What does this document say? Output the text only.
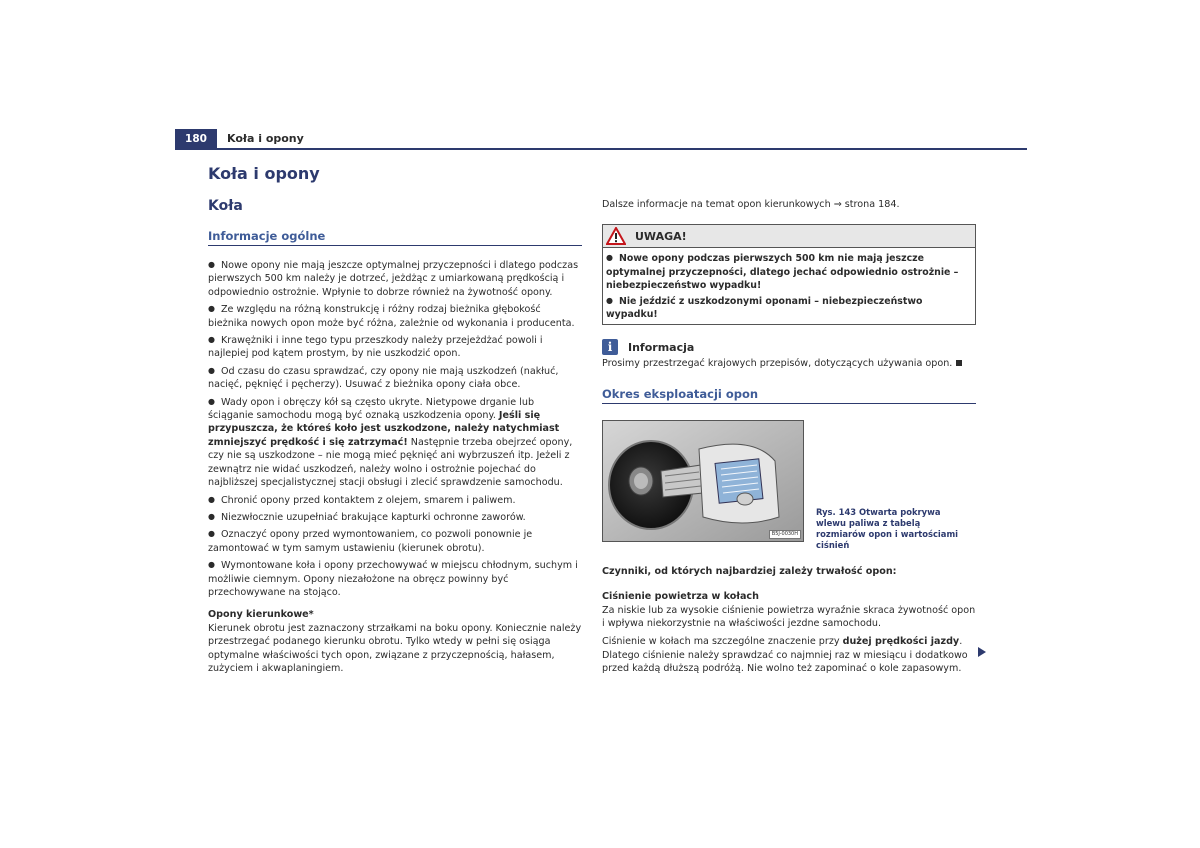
180	Koła i opony
Koła i opony
Koła
Informacje ogólne
● Nowe opony nie mają jeszcze optymalnej przyczepności i dlatego podczas pierwszych 500 km należy je dotrzeć, jeżdżąc z umiarkowaną prędkością i odpowiednio ostrożnie. Wpłynie to dobrze również na żywotność opony.
● Ze względu na różną konstrukcję i różny rodzaj bieżnika głębokość bieżnika nowych opon może być różna, zależnie od wykonania i producenta.
● Krawężniki i inne tego typu przeszkody należy przejeżdżać powoli i najlepiej pod kątem prostym, by nie uszkodzić opon.
● Od czasu do czasu sprawdzać, czy opony nie mają uszkodzeń (nakłuć, nacięć, pęknięć i pęcherzy). Usuwać z bieżnika opony ciała obce.
● Wady opon i obręczy kół są często ukryte. Nietypowe drganie lub ściąganie samochodu mogą być oznaką uszkodzenia opony. Jeśli się przypuszcza, że któreś koło jest uszkodzone, należy natychmiast zmniejszyć prędkość i się zatrzymać! Następnie trzeba obejrzeć opony, czy nie są uszkodzone – nie mogą mieć pęknięć ani wybrzuszeń itp. Jeżeli z zewnątrz nie widać uszkodzeń, należy wolno i ostrożnie pojechać do najbliższej specjalistycznej stacji obsługi i zlecić sprawdzenie samochodu.
● Chronić opony przed kontaktem z olejem, smarem i paliwem.
● Niezwłocznie uzupełniać brakujące kapturki ochronne zaworów.
● Oznaczyć opony przed wymontowaniem, co pozwoli ponownie je zamontować w tym samym ustawieniu (kierunek obrotu).
● Wymontowane koła i opony przechowywać w miejscu chłodnym, suchym i możliwie ciemnym. Opony niezałożone na obręcz powinny być przechowywane na stojąco.

Opony kierunkowe*

Kierunek obrotu jest zaznaczony strzałkami na boku opony. Koniecznie należy przestrzegać podanego kierunku obrotu. Tylko wtedy w pełni się osiąga optymalne właściwości tych opon, związane z przyczepnością, hałasem, zużyciem i akwaplaningiem.

Dalsze informacje na temat opon kierunkowych ⇒ strona 184.

UWAGA!
● Nowe opony podczas pierwszych 500 km nie mają jeszcze optymalnej przyczepności, dlatego jechać odpowiednio ostrożnie – niebezpieczeństwo wypadku!
● Nie jeździć z uszkodzonymi oponami – niebezpieczeństwo wypadku!
i	Informacja

Prosimy przestrzegać krajowych przepisów, dotyczących używania opon.

Okres eksploatacji opon
B5J-0030H
Rys. 143 Otwarta pokrywa wlewu paliwa z tabelą rozmiarów opon i wartościami ciśnień

Czynniki, od których najbardziej zależy trwałość opon:

Ciśnienie powietrza w kołach

Za niskie lub za wysokie ciśnienie powietrza wyraźnie skraca żywotność opon i wpływa niekorzystnie na właściwości jezdne samochodu.

Ciśnienie w kołach ma szczególne znaczenie przy dużej prędkości jazdy. Dlatego ciśnienie należy sprawdzać co najmniej raz w miesiącu i dodatkowo przed każdą dłuższą podróżą. Nie wolno też zapominać o kole zapasowym.
